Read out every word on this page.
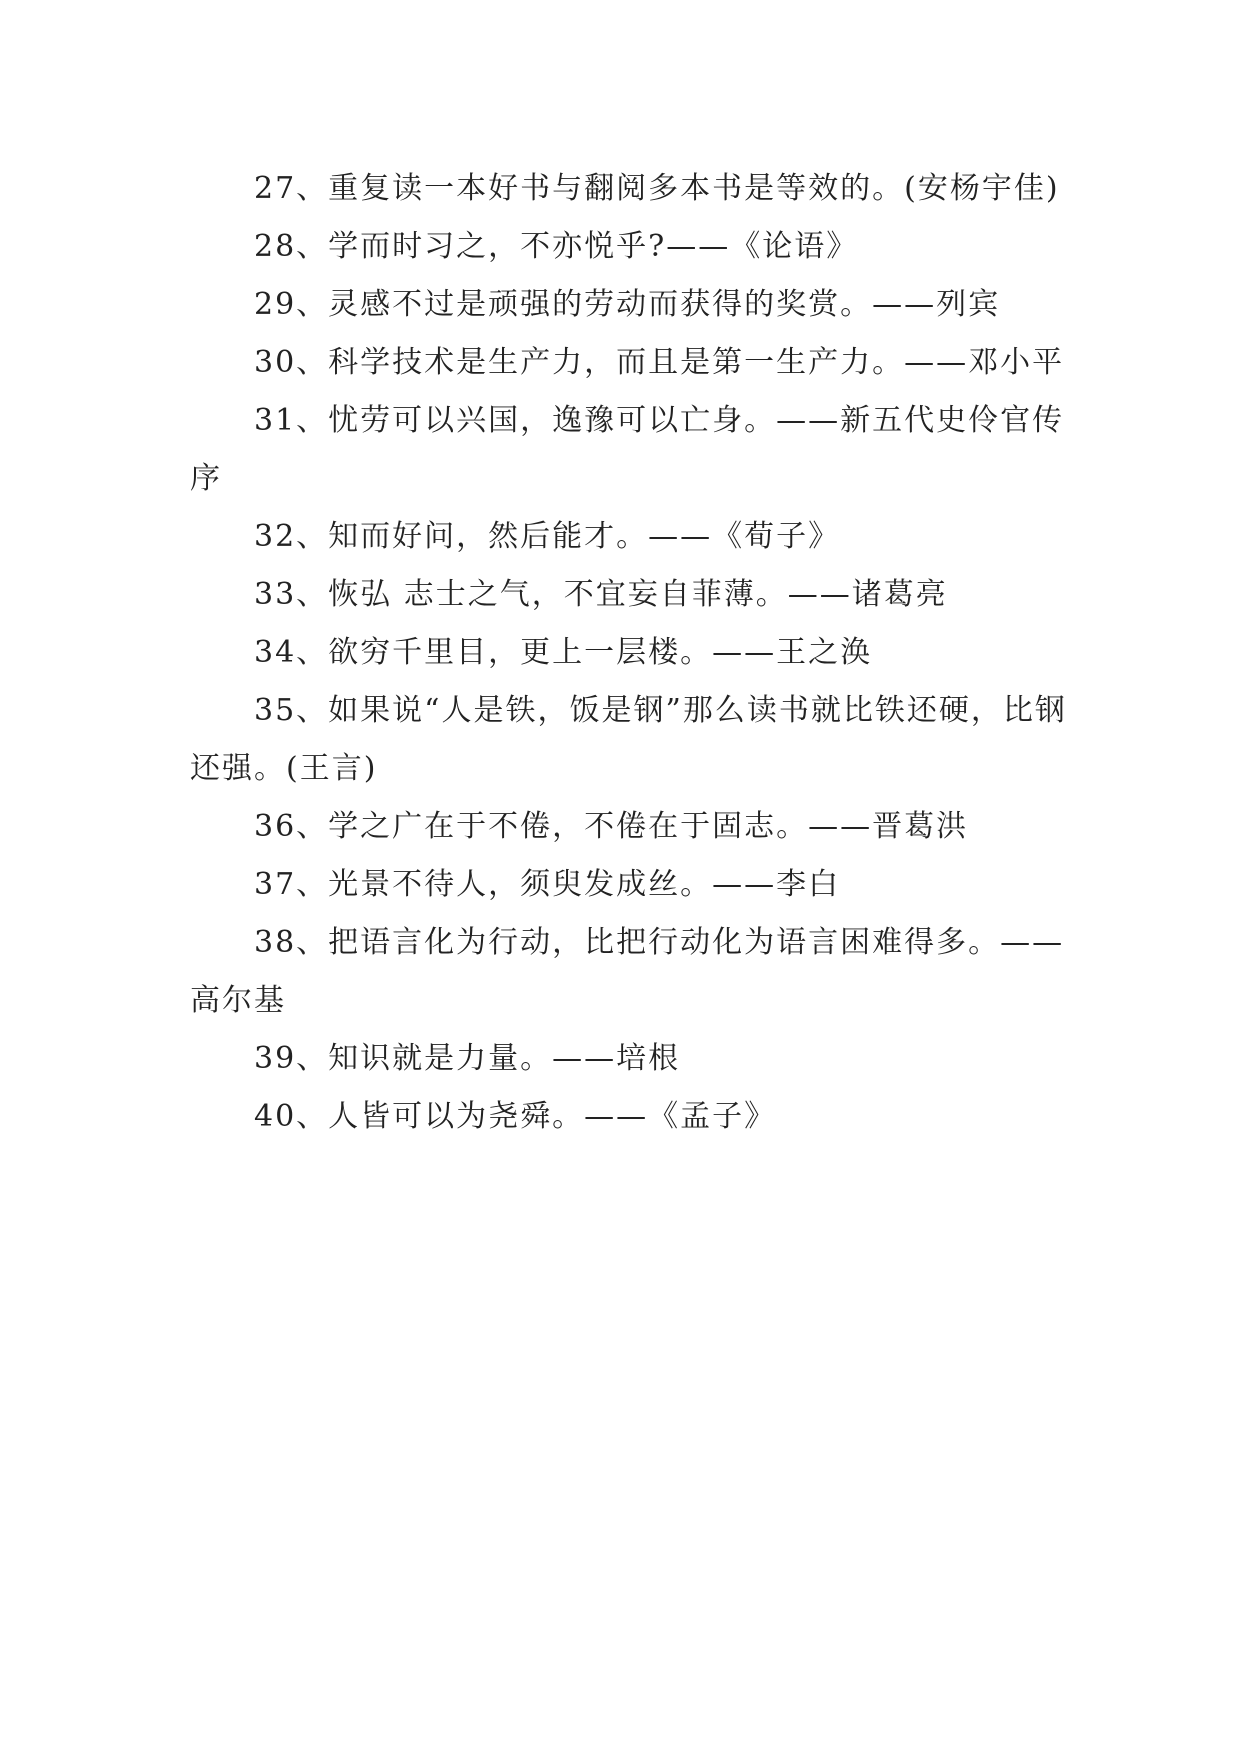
27、重复读一本好书与翻阅多本书是等效的。(安杨宇佳)

28、学而时习之，不亦悦乎?——《论语》

29、灵感不过是顽强的劳动而获得的奖赏。——列宾

30、科学技术是生产力，而且是第一生产力。——邓小平

31、忧劳可以兴国，逸豫可以亡身。——新五代史伶官传序

32、知而好问，然后能才。——《荀子》

33、恢弘 志士之气，不宜妄自菲薄。——诸葛亮

34、欲穷千里目，更上一层楼。——王之涣

35、如果说“人是铁，饭是钢”那么读书就比铁还硬，比钢还强。(王言)

36、学之广在于不倦，不倦在于固志。——晋葛洪

37、光景不待人，须臾发成丝。——李白

38、把语言化为行动，比把行动化为语言困难得多。——高尔基

39、知识就是力量。——培根

40、人皆可以为尧舜。——《孟子》
